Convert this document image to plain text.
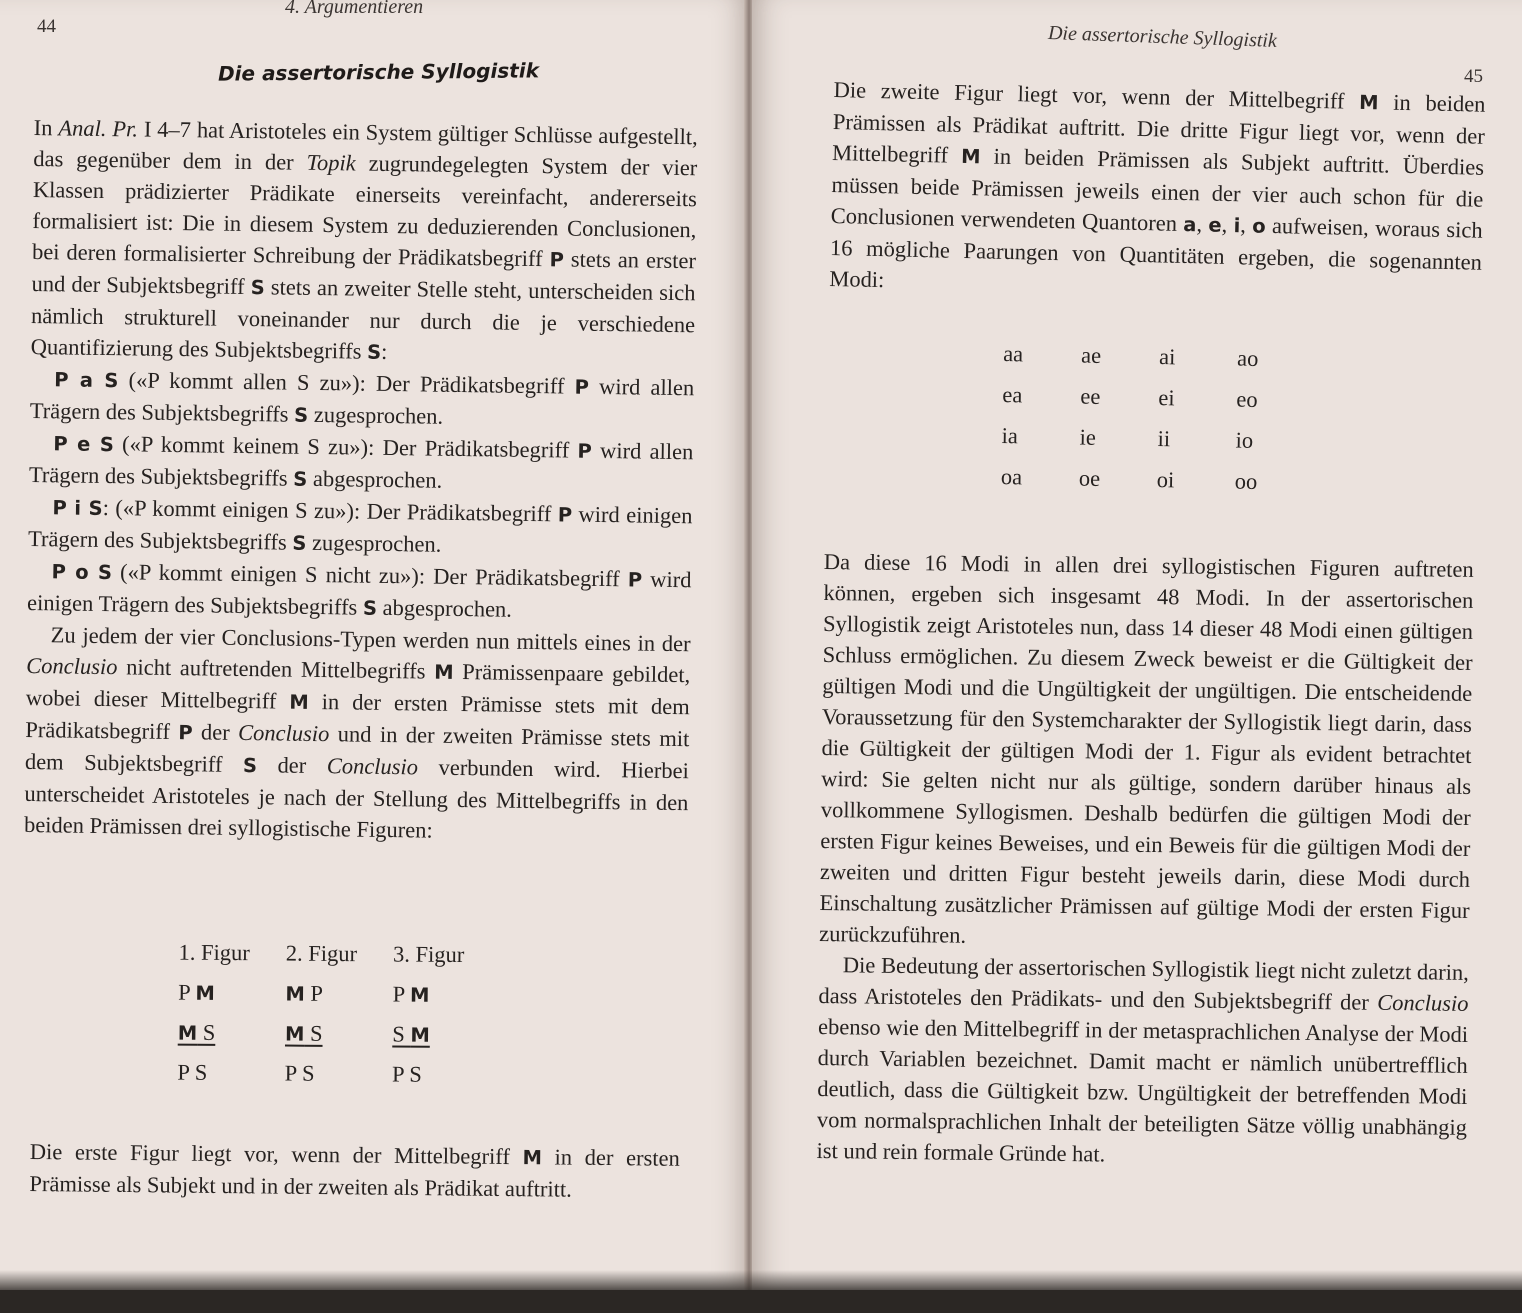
44
4. Argumentieren
Die assertorische Syllogistik

In Anal. Pr. I 4–7 hat Aristoteles ein System gültiger Schlüsse aufgestellt, das gegenüber dem in der Topik zugrundegelegten System der vier Klassen prädizierter Prädikate einerseits vereinfacht, andererseits formalisiert ist: Die in diesem System zu deduzierenden Conclusionen, bei deren formalisierter Schreibung der Prädikatsbegriff P stets an erster und der Subjektsbegriff S stets an zweiter Stelle steht, unterscheiden sich nämlich strukturell voneinander nur durch die je verschiedene Quantifizierung des Subjektsbegriffs S:

P a S («P kommt allen S zu»): Der Prädikatsbegriff P wird allen Trägern des Subjektsbegriffs S zugesprochen.

P e S («P kommt keinem S zu»): Der Prädikatsbegriff P wird allen Trägern des Subjektsbegriffs S abgesprochen.

P i S: («P kommt einigen S zu»): Der Prädikatsbegriff P wird einigen Trägern des Subjektsbegriffs S zugesprochen.

P o S («P kommt einigen S nicht zu»): Der Prädikatsbegriff P wird einigen Trägern des Subjektsbegriffs S abgesprochen.

Zu jedem der vier Conclusions-Typen werden nun mittels eines in der Conclusio nicht auftretenden Mittelbegriffs M Prämissenpaare gebildet, wobei dieser Mittelbegriff M in der ersten Prämisse stets mit dem Prädikatsbegriff P der Conclusio und in der zweiten Prämisse stets mit dem Subjektsbegriff S der Conclusio verbunden wird. Hierbei unterscheidet Aristoteles je nach der Stellung des Mittelbegriffs in den beiden Prämissen drei syllogistische Figuren:

1. Figur	2. Figur	3. Figur
P M	M P	P M
M S	M S	S M
P S	P S	P S

Die erste Figur liegt vor, wenn der Mittelbegriff M in der ersten Prämisse als Subjekt und in der zweiten als Prädikat auftritt.

Die assertorische Syllogistik
45

Die zweite Figur liegt vor, wenn der Mittelbegriff M in beiden Prämissen als Prädikat auftritt. Die dritte Figur liegt vor, wenn der Mittelbegriff M in beiden Prämissen als Subjekt auftritt. Überdies müssen beide Prämissen jeweils einen der vier auch schon für die Conclusionen verwendeten Quantoren a, e, i, o aufweisen, woraus sich 16 mögliche Paarungen von Quantitäten ergeben, die sogenannten Modi:

aa	ae	ai	ao
ea	ee	ei	eo
ia	ie	ii	io
oa	oe	oi	oo

Da diese 16 Modi in allen drei syllogistischen Figuren auftreten können, ergeben sich insgesamt 48 Modi. In der assertorischen Syllogistik zeigt Aristoteles nun, dass 14 dieser 48 Modi einen gültigen Schluss ermöglichen. Zu diesem Zweck beweist er die Gültigkeit der gültigen Modi und die Ungültigkeit der ungültigen. Die entscheidende Voraussetzung für den Systemcharakter der Syllogistik liegt darin, dass die Gültigkeit der gültigen Modi der 1. Figur als evident betrachtet wird: Sie gelten nicht nur als gültige, sondern darüber hinaus als vollkommene Syllogismen. Deshalb bedürfen die gültigen Modi der ersten Figur keines Beweises, und ein Beweis für die gültigen Modi der zweiten und dritten Figur besteht jeweils darin, diese Modi durch Einschaltung zusätzlicher Prämissen auf gültige Modi der ersten Figur zurückzuführen.

Die Bedeutung der assertorischen Syllogistik liegt nicht zuletzt darin, dass Aristoteles den Prädikats- und den Subjektsbegriff der Conclusio ebenso wie den Mittelbegriff in der metasprachlichen Analyse der Modi durch Variablen bezeichnet. Damit macht er nämlich unübertrefflich deutlich, dass die Gültigkeit bzw. Ungültigkeit der betreffenden Modi vom normalsprachlichen Inhalt der beteiligten Sätze völlig unabhängig ist und rein formale Gründe hat.
